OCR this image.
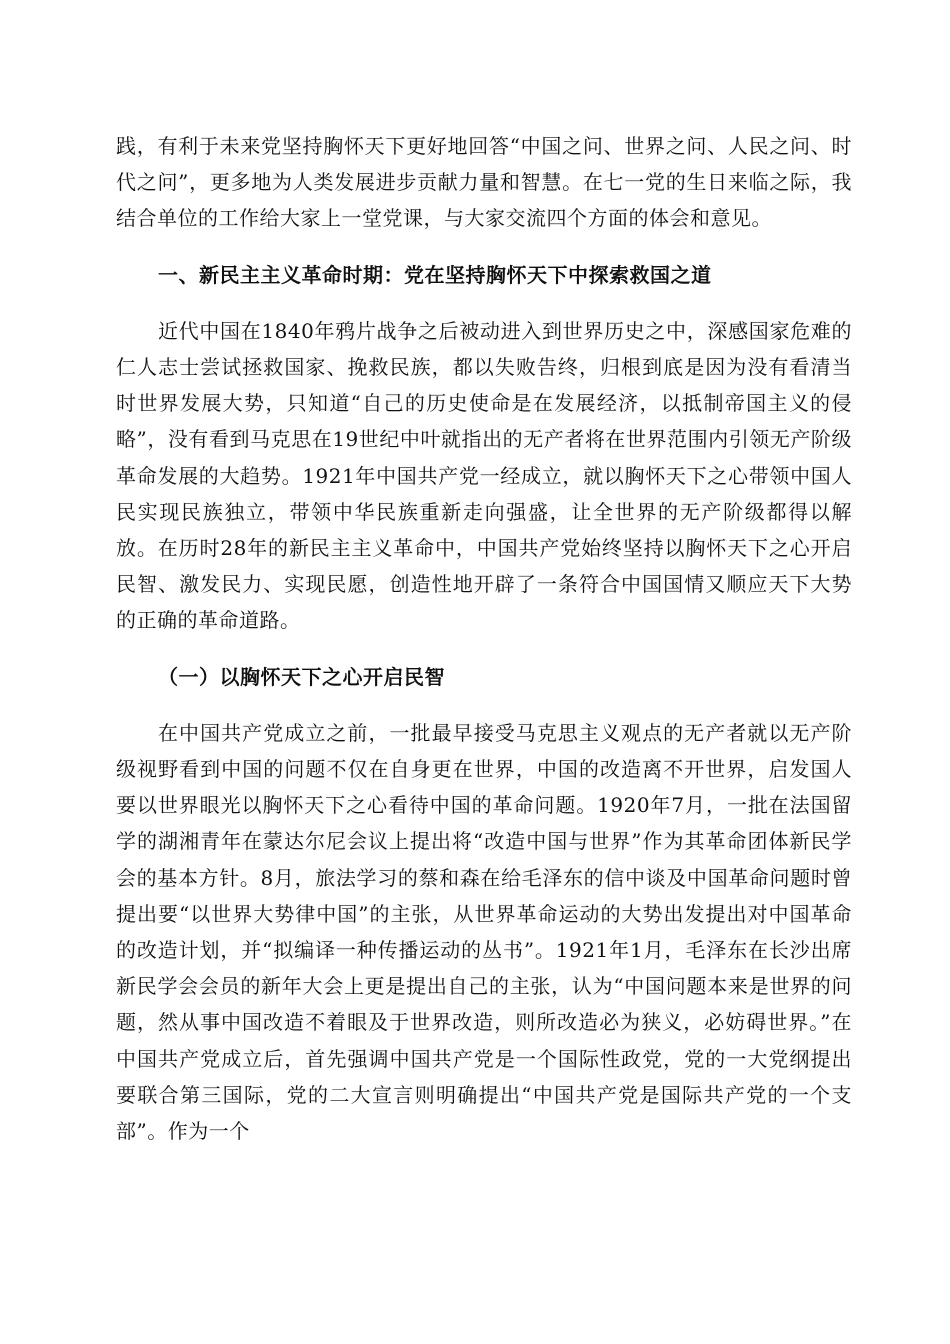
践，有利于未来党坚持胸怀天下更好地回答“中国之问、世界之问、人民之问、时代之问”，更多地为人类发展进步贡献力量和智慧。在七一党的生日来临之际，我结合单位的工作给大家上一堂党课，与大家交流四个方面的体会和意见。

一、新民主主义革命时期：党在坚持胸怀天下中探索救国之道

近代中国在1840年鸦片战争之后被动进入到世界历史之中，深感国家危难的仁人志士尝试拯救国家、挽救民族，都以失败告终，归根到底是因为没有看清当时世界发展大势，只知道“自己的历史使命是在发展经济，以抵制帝国主义的侵略”，没有看到马克思在19世纪中叶就指出的无产者将在世界范围内引领无产阶级革命发展的大趋势。1921年中国共产党一经成立，就以胸怀天下之心带领中国人民实现民族独立，带领中华民族重新走向强盛，让全世界的无产阶级都得以解放。在历时28年的新民主主义革命中，中国共产党始终坚持以胸怀天下之心开启民智、激发民力、实现民愿，创造性地开辟了一条符合中国国情又顺应天下大势的正确的革命道路。

（一）以胸怀天下之心开启民智

在中国共产党成立之前，一批最早接受马克思主义观点的无产者就以无产阶级视野看到中国的问题不仅在自身更在世界，中国的改造离不开世界，启发国人要以世界眼光以胸怀天下之心看待中国的革命问题。1920年7月，一批在法国留学的湖湘青年在蒙达尔尼会议上提出将“改造中国与世界”作为其革命团体新民学会的基本方针。8月，旅法学习的蔡和森在给毛泽东的信中谈及中国革命问题时曾提出要“以世界大势律中国”的主张，从世界革命运动的大势出发提出对中国革命的改造计划，并“拟编译一种传播运动的丛书”。1921年1月，毛泽东在长沙出席新民学会会员的新年大会上更是提出自己的主张，认为“中国问题本来是世界的问题，然从事中国改造不着眼及于世界改造，则所改造必为狭义，必妨碍世界。”在中国共产党成立后，首先强调中国共产党是一个国际性政党，党的一大党纲提出要联合第三国际，党的二大宣言则明确提出“中国共产党是国际共产党的一个支部”。作为一个
